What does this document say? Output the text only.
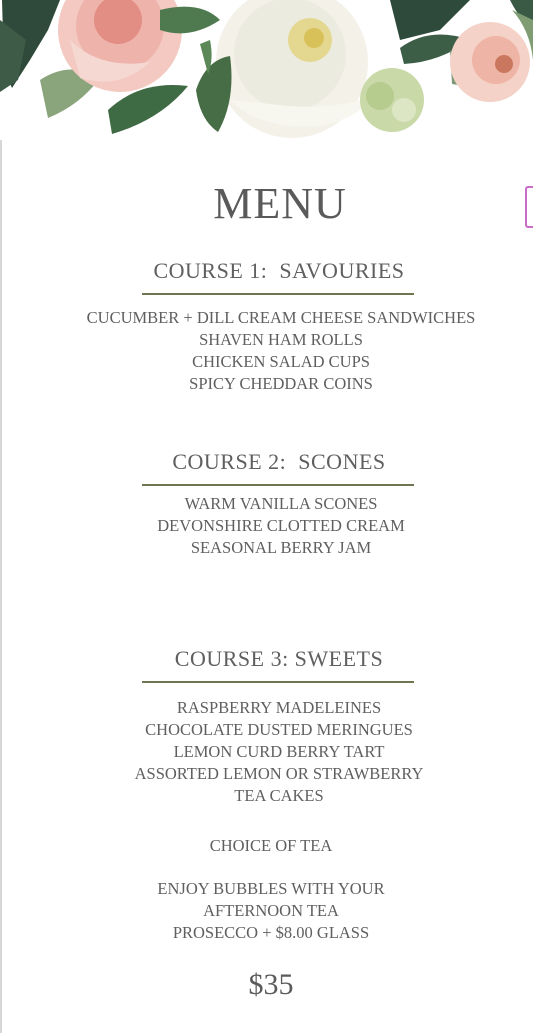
MENU
COURSE 1:  SAVOURIES
CUCUMBER + DILL CREAM CHEESE SANDWICHES
SHAVEN HAM ROLLS
CHICKEN SALAD CUPS
SPICY CHEDDAR COINS
COURSE 2:  SCONES
WARM VANILLA SCONES
DEVONSHIRE CLOTTED CREAM
SEASONAL BERRY JAM
COURSE 3: SWEETS
RASPBERRY MADELEINES
CHOCOLATE DUSTED MERINGUES
LEMON CURD BERRY TART
ASSORTED LEMON OR STRAWBERRY
TEA CAKES

CHOICE OF TEA

ENJOY BUBBLES WITH YOUR
AFTERNOON TEA
PROSECCO + $8.00 GLASS

$35
